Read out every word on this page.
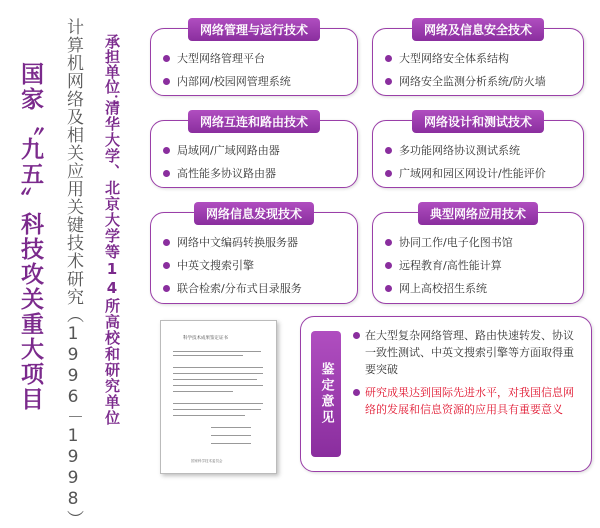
国家〝九五〞科技攻关重大项目 计算机网络及相关应用关键技术研究（1996－1998） 承担单位：
清华大学、北京大学等14所高校和研究单位
网络管理与运行技术
大型网络管理平台
内部网/校园网管理系统
网络及信息安全技术
大型网络安全体系结构
网络安全监测分析系统/防火墙
网络互连和路由技术
局域网/广域网路由器
高性能多协议路由器
网络设计和测试技术
多功能网络协议测试系统
广域网和园区网设计/性能评价
网络信息发现技术
网络中文编码转换服务器
中英文搜索引擎
联合检索/分布式目录服务
典型网络应用技术
协同工作/电子化图书馆
远程教育/高性能计算
网上高校招生系统
科学技术成果鉴定证书
国家科学技术委员会
鉴定意见
在大型复杂网络管理、路由快速转发、协议一致性测试、中英文搜索引擎等方面取得重要突破
研究成果达到国际先进水平，对我国信息网络的发展和信息资源的应用具有重要意义
